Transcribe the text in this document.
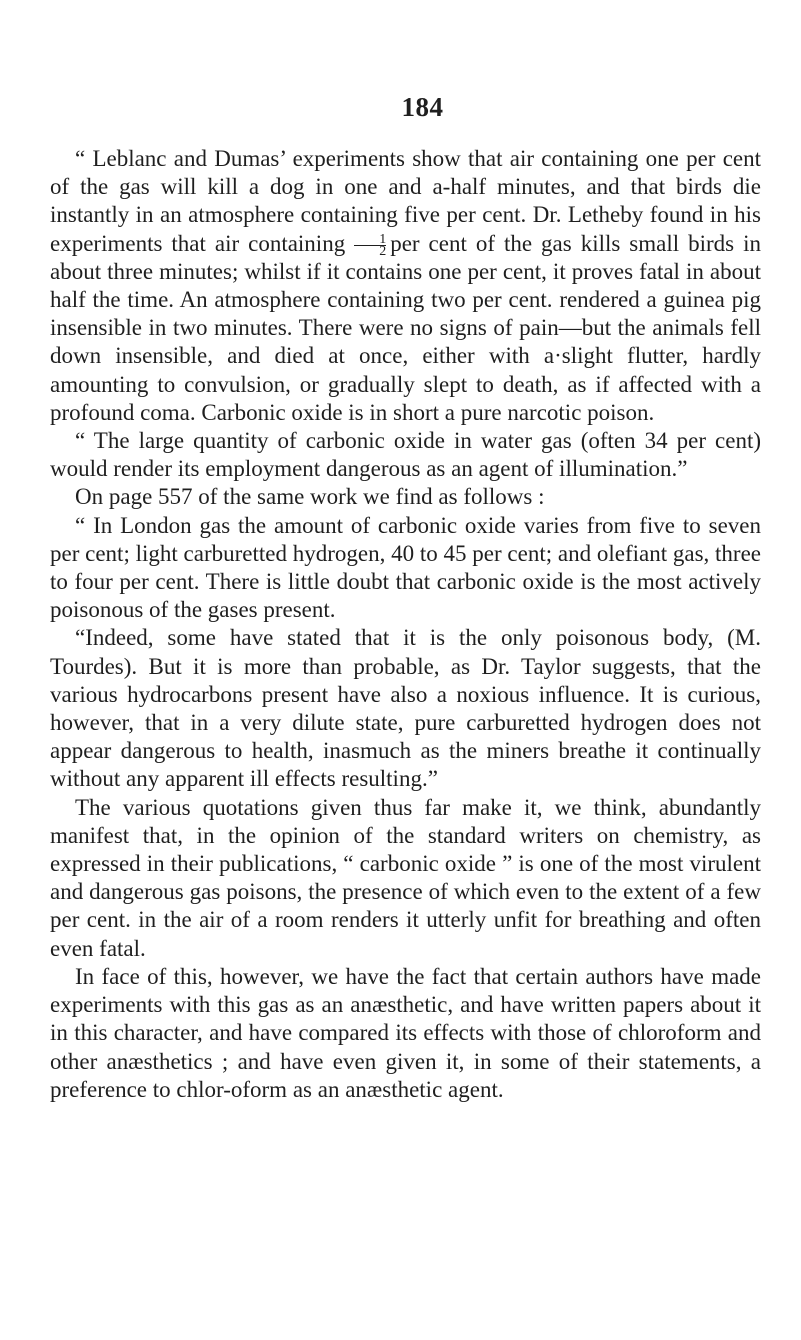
184

“ Leblanc and Dumas’ experiments show that air containing one per cent of the gas will kill a dog in one and a-half minutes, and that birds die instantly in an atmosphere containing five per cent. Dr. Letheby found in his experiments that air containing $\frac{1}{2}$ per cent of the gas kills small birds in about three minutes; whilst if it contains one per cent, it proves fatal in about half the time. An atmosphere containing two per cent. rendered a guinea pig insensible in two minutes. There were no signs of pain—but the animals fell down insensible, and died at once, either with a·slight flutter, hardly amounting to convulsion, or gradually slept to death, as if affected with a profound coma. Carbonic oxide is in short a pure narcotic poison.

“ The large quantity of carbonic oxide in water gas (often 34 per cent) would render its employment dangerous as an agent of illumination.”

On page 557 of the same work we find as follows :

“ In London gas the amount of carbonic oxide varies from five to seven per cent; light carburetted hydrogen, 40 to 45 per cent; and olefiant gas, three to four per cent. There is little doubt that carbonic oxide is the most actively poisonous of the gases present.

“Indeed, some have stated that it is the only poisonous body, (M. Tourdes). But it is more than probable, as Dr. Taylor suggests, that the various hydrocarbons present have also a noxious influence. It is curious, however, that in a very dilute state, pure carburetted hydrogen does not appear dangerous to health, inasmuch as the miners breathe it continually without any apparent ill effects resulting.”

The various quotations given thus far make it, we think, abundantly manifest that, in the opinion of the standard writers on chemistry, as expressed in their publications, “ carbonic oxide ” is one of the most virulent and dangerous gas poisons, the presence of which even to the extent of a few per cent. in the air of a room renders it utterly unfit for breathing and often even fatal.

In face of this, however, we have the fact that certain authors have made experiments with this gas as an anæsthetic, and have written papers about it in this character, and have compared its effects with those of chloroform and other anæsthetics ; and have even given it, in some of their statements, a preference to chlor-oform as an anæsthetic agent.
